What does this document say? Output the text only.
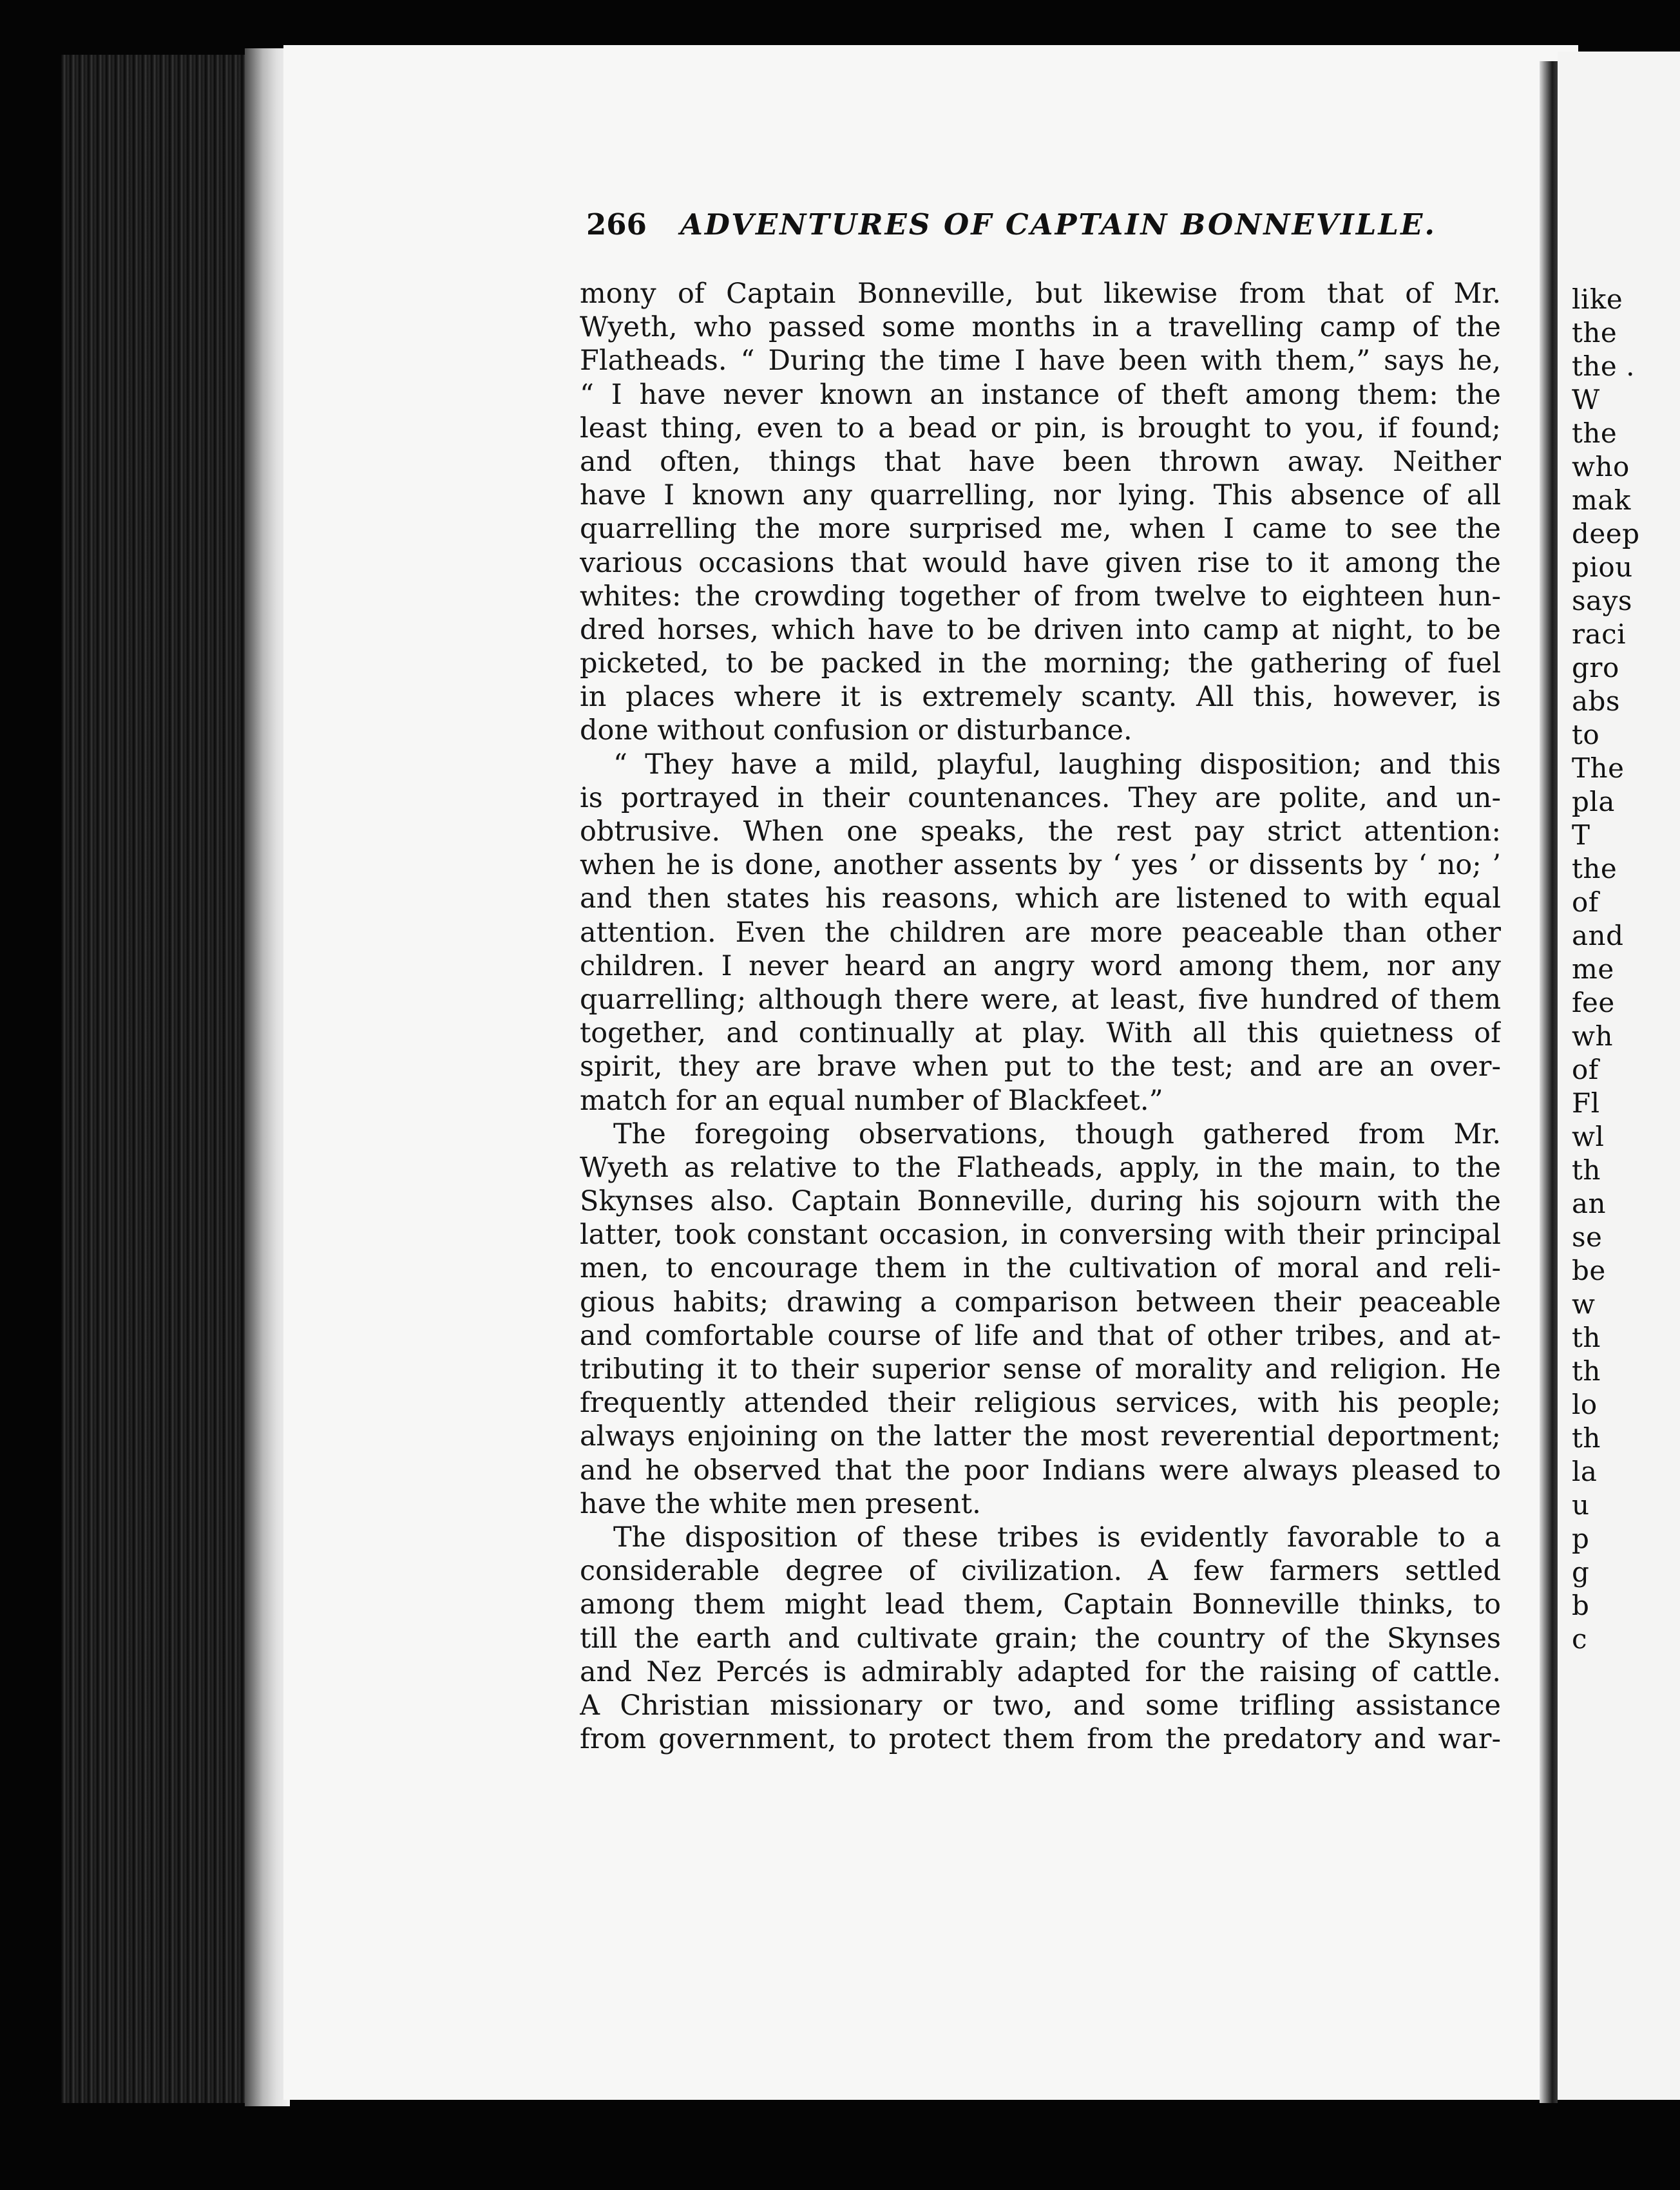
266 ADVENTURES OF CAPTAIN BONNEVILLE.
mony of Captain Bonneville, but likewise from that of Mr.
Wyeth, who passed some months in a travelling camp of the
Flatheads. “ During the time I have been with them,” says he,
“ I have never known an instance of theft among them: the
least thing, even to a bead or pin, is brought to you, if found;
and often, things that have been thrown away. Neither
have I known any quarrelling, nor lying. This absence of all
quarrelling the more surprised me, when I came to see the
various occasions that would have given rise to it among the
whites: the crowding together of from twelve to eighteen hun-
dred horses, which have to be driven into camp at night, to be
picketed, to be packed in the morning; the gathering of fuel
in places where it is extremely scanty. All this, however, is
done without confusion or disturbance.
“ They have a mild, playful, laughing disposition; and this
is portrayed in their countenances. They are polite, and un-
obtrusive. When one speaks, the rest pay strict attention:
when he is done, another assents by ‘ yes ’ or dissents by ‘ no; ’
and then states his reasons, which are listened to with equal
attention. Even the children are more peaceable than other
children. I never heard an angry word among them, nor any
quarrelling; although there were, at least, five hundred of them
together, and continually at play. With all this quietness of
spirit, they are brave when put to the test; and are an over-
match for an equal number of Blackfeet.”
The foregoing observations, though gathered from Mr.
Wyeth as relative to the Flatheads, apply, in the main, to the
Skynses also. Captain Bonneville, during his sojourn with the
latter, took constant occasion, in conversing with their principal
men, to encourage them in the cultivation of moral and reli-
gious habits; drawing a comparison between their peaceable
and comfortable course of life and that of other tribes, and at-
tributing it to their superior sense of morality and religion. He
frequently attended their religious services, with his people;
always enjoining on the latter the most reverential deportment;
and he observed that the poor Indians were always pleased to
have the white men present.
The disposition of these tribes is evidently favorable to a
considerable degree of civilization. A few farmers settled
among them might lead them, Captain Bonneville thinks, to
till the earth and cultivate grain; the country of the Skynses
and Nez Percés is admirably adapted for the raising of cattle.
A Christian missionary or two, and some trifling assistance
from government, to protect them from the predatory and war-
like
the
the .
W
the
who
mak
deep
piou
says
raci
gro
abs
to
The
pla
T
the
of
and
me
fee
wh
of
Fl
wl
th
an
se
be
w
th
th
lo
th
la
u
p
g
b
c
